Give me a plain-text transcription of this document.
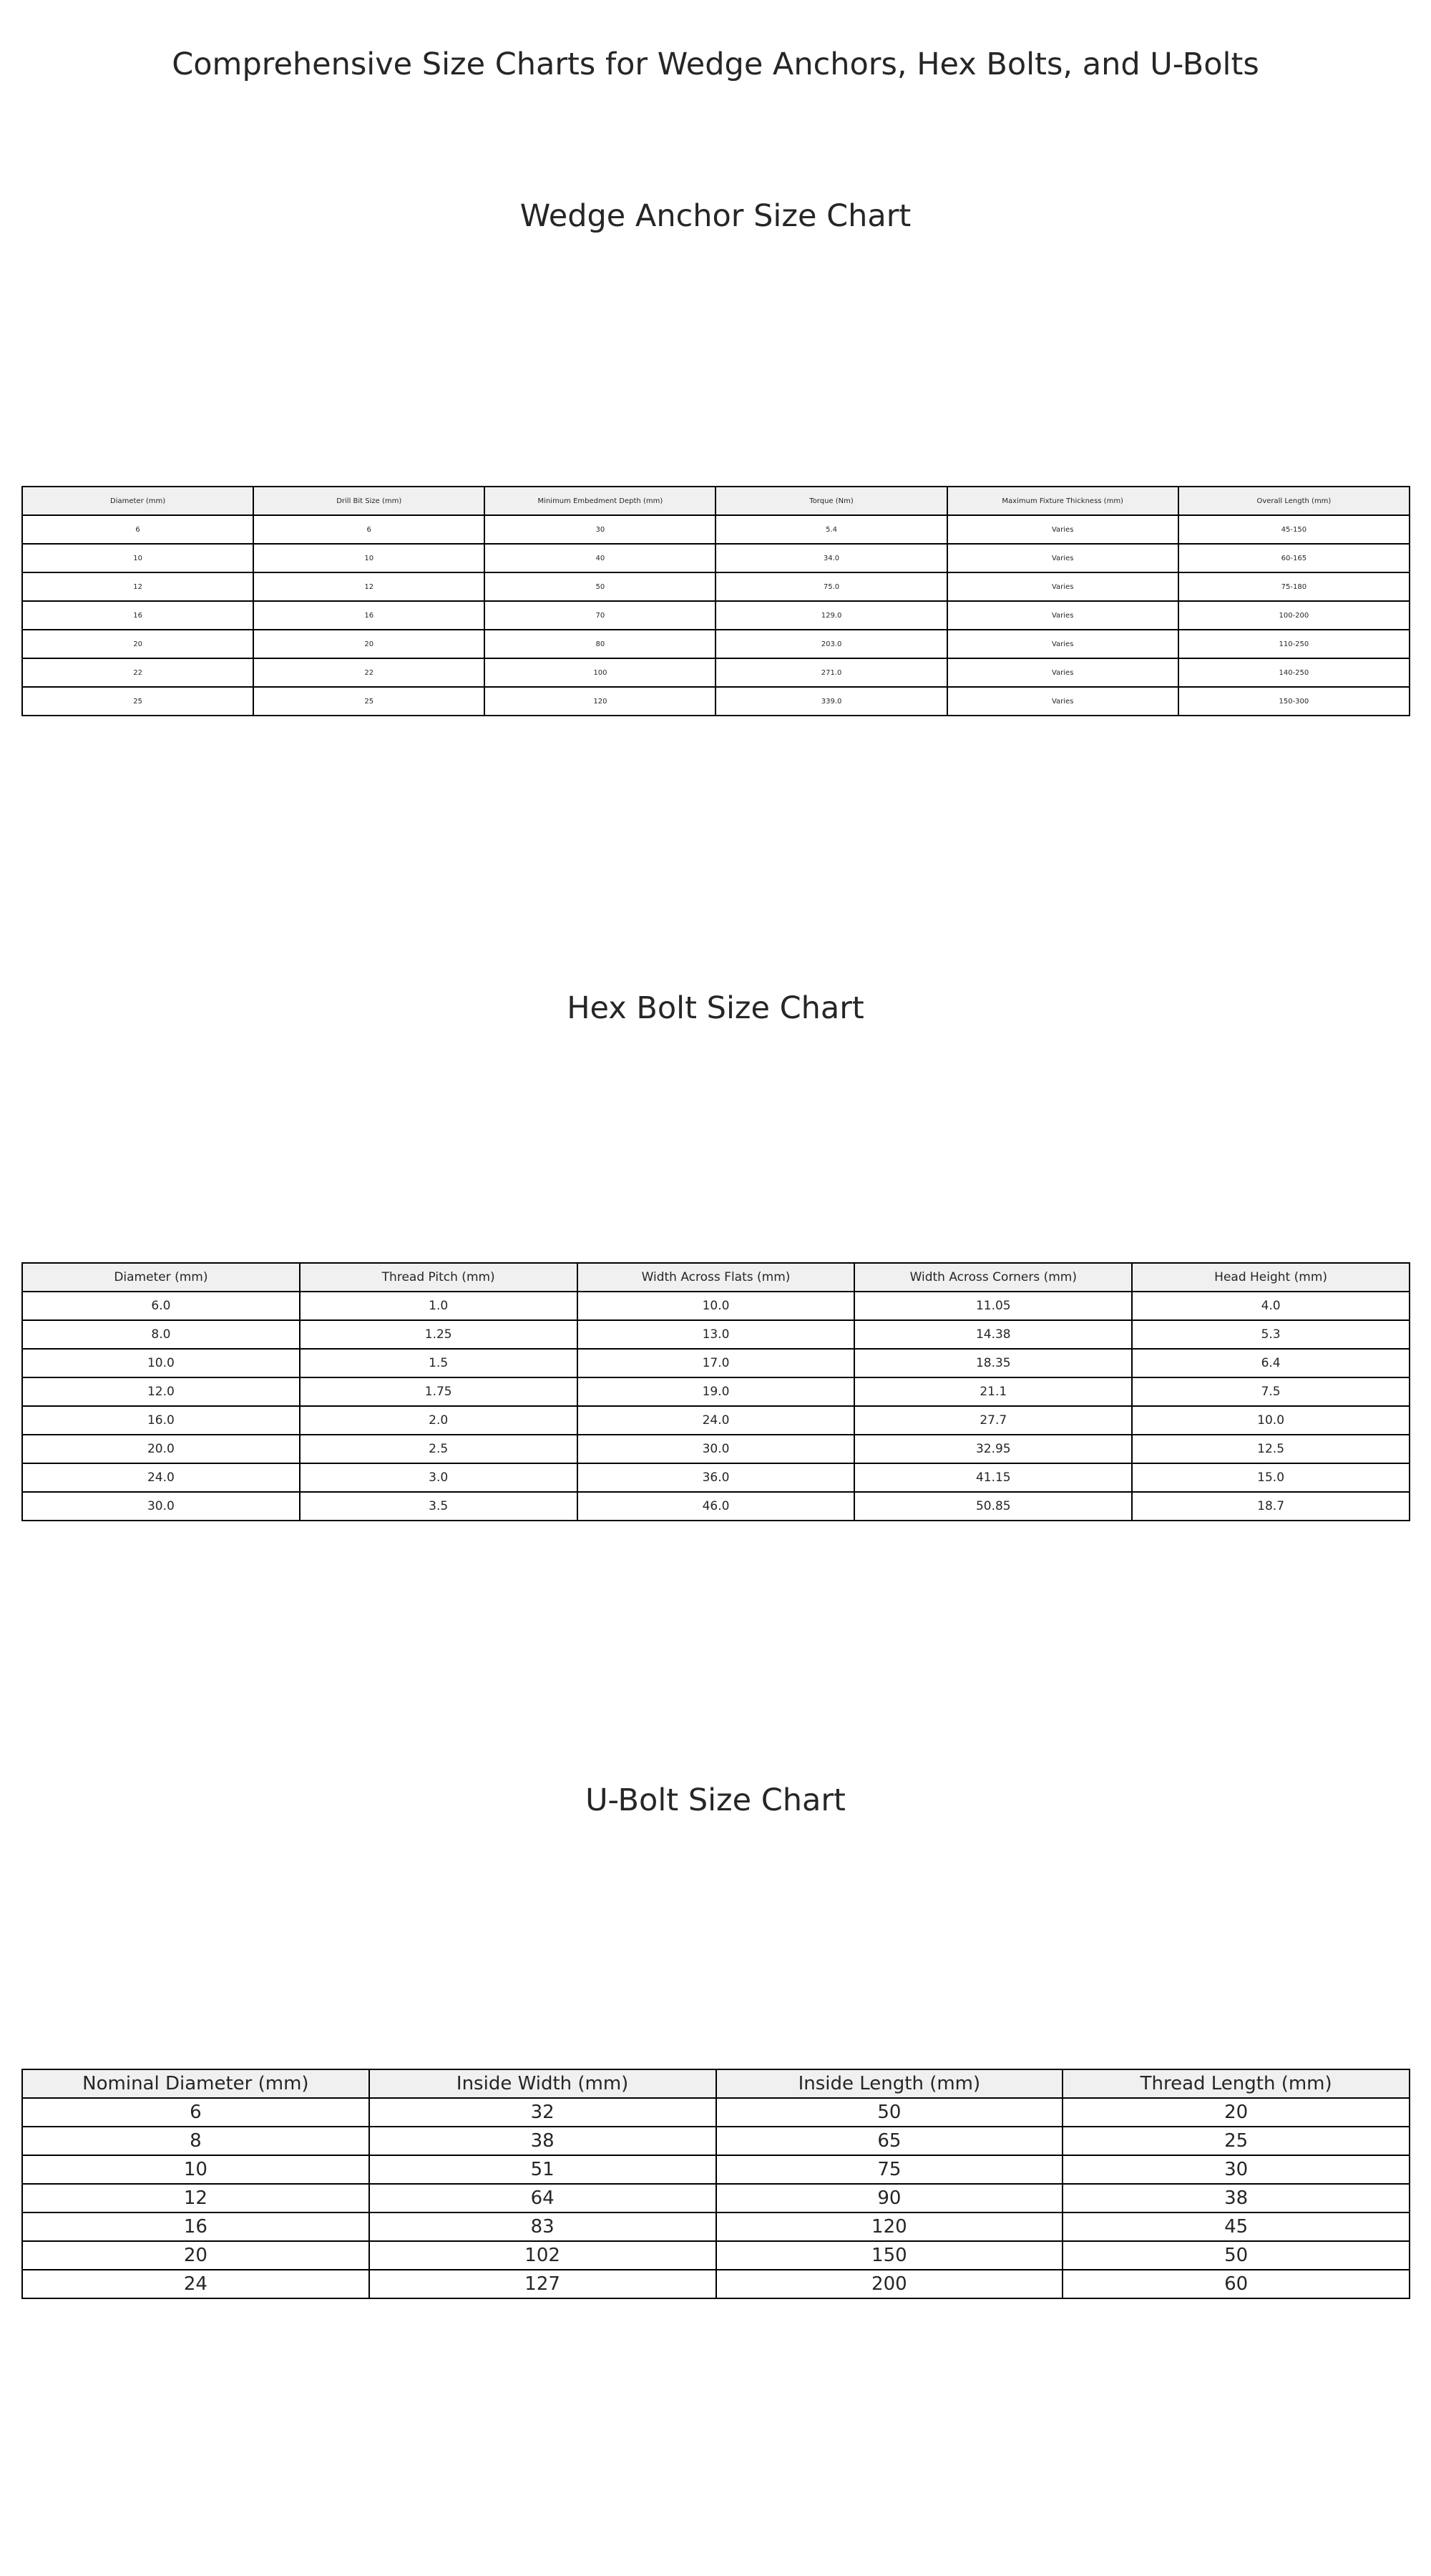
Comprehensive Size Charts for Wedge Anchors, Hex Bolts, and U-Bolts
Wedge Anchor Size Chart
Diameter (mm)	Drill Bit Size (mm)	Minimum Embedment Depth (mm)	Torque (Nm)	Maximum Fixture Thickness (mm)	Overall Length (mm)
6	6	30	5.4	Varies	45-150
10	10	40	34.0	Varies	60-165
12	12	50	75.0	Varies	75-180
16	16	70	129.0	Varies	100-200
20	20	80	203.0	Varies	110-250
22	22	100	271.0	Varies	140-250
25	25	120	339.0	Varies	150-300
Hex Bolt Size Chart
Diameter (mm)	Thread Pitch (mm)	Width Across Flats (mm)	Width Across Corners (mm)	Head Height (mm)
6.0	1.0	10.0	11.05	4.0
8.0	1.25	13.0	14.38	5.3
10.0	1.5	17.0	18.35	6.4
12.0	1.75	19.0	21.1	7.5
16.0	2.0	24.0	27.7	10.0
20.0	2.5	30.0	32.95	12.5
24.0	3.0	36.0	41.15	15.0
30.0	3.5	46.0	50.85	18.7
U-Bolt Size Chart
Nominal Diameter (mm)	Inside Width (mm)	Inside Length (mm)	Thread Length (mm)
6	32	50	20
8	38	65	25
10	51	75	30
12	64	90	38
16	83	120	45
20	102	150	50
24	127	200	60
